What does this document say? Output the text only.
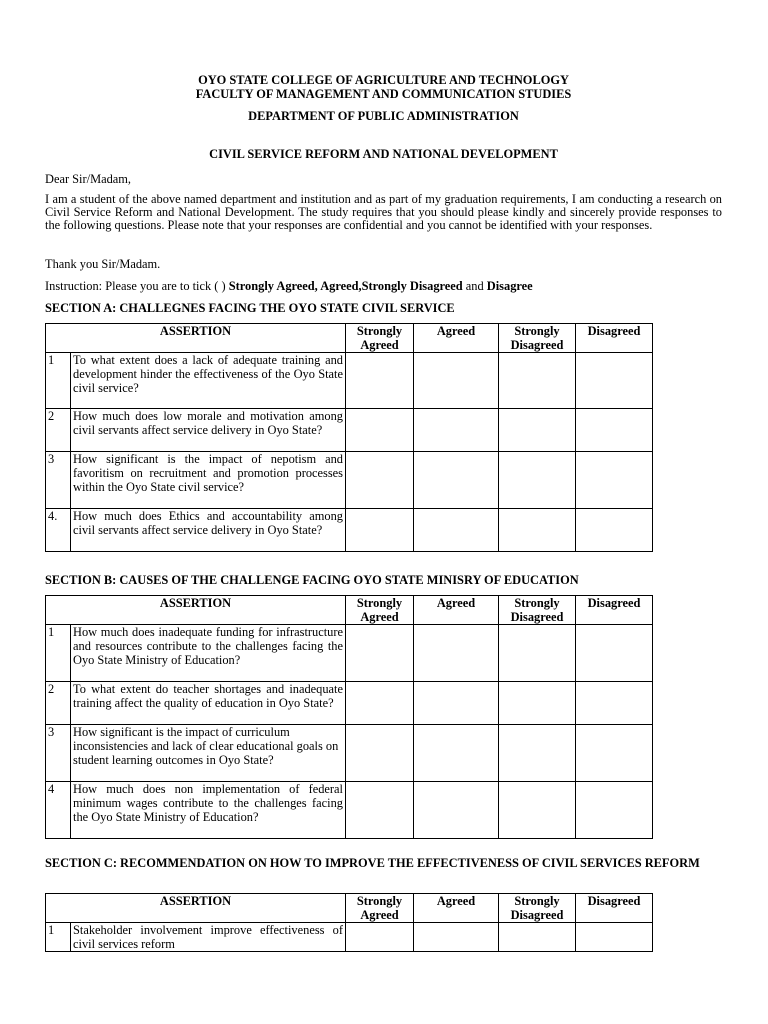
OYO STATE COLLEGE OF AGRICULTURE AND TECHNOLOGY
FACULTY OF MANAGEMENT AND COMMUNICATION STUDIES
DEPARTMENT OF PUBLIC ADMINISTRATION
CIVIL SERVICE REFORM AND NATIONAL DEVELOPMENT
Dear Sir/Madam,
I am a student of the above named department and institution and as part of my graduation requirements, I am conducting a research on Civil Service Reform and National Development. The study requires that you should please kindly and sincerely provide responses to the following questions. Please note that your responses are confidential and you cannot be identified with your responses.
Thank you Sir/Madam.
Instruction: Please you are to tick ( ) Strongly Agreed, Agreed,Strongly Disagreed and Disagree
SECTION A: CHALLEGNES FACING THE OYO STATE CIVIL SERVICE
ASSERTION		Strongly Agreed	Agreed	Strongly Disagreed	Disagreed
1	To what extent does a lack of adequate training and development hinder the effectiveness of the Oyo State civil service?				
2	How much does low morale and motivation among civil servants affect service delivery in Oyo State?				
3	How significant is the impact of nepotism and favoritism on recruitment and promotion processes within the Oyo State civil service?				
4.	How much does Ethics and accountability among civil servants affect service delivery in Oyo State?				
SECTION B: CAUSES OF THE CHALLENGE FACING OYO STATE MINISRY OF EDUCATION
ASSERTION		Strongly Agreed	Agreed	Strongly Disagreed	Disagreed
1	How much does inadequate funding for infrastructure and resources contribute to the challenges facing the Oyo State Ministry of Education?				
2	To what extent do teacher shortages and inadequate training affect the quality of education in Oyo State?				
3	How significant is the impact of curriculum inconsistencies and lack of clear educational goals on student learning outcomes in Oyo State?				
4	How much does non implementation of federal minimum wages contribute to the challenges facing the Oyo State Ministry of Education?				
SECTION C: RECOMMENDATION ON HOW TO IMPROVE THE EFFECTIVENESS OF CIVIL SERVICES REFORM
ASSERTION		Strongly Agreed	Agreed	Strongly Disagreed	Disagreed
1	Stakeholder involvement improve effectiveness of civil services reform				
